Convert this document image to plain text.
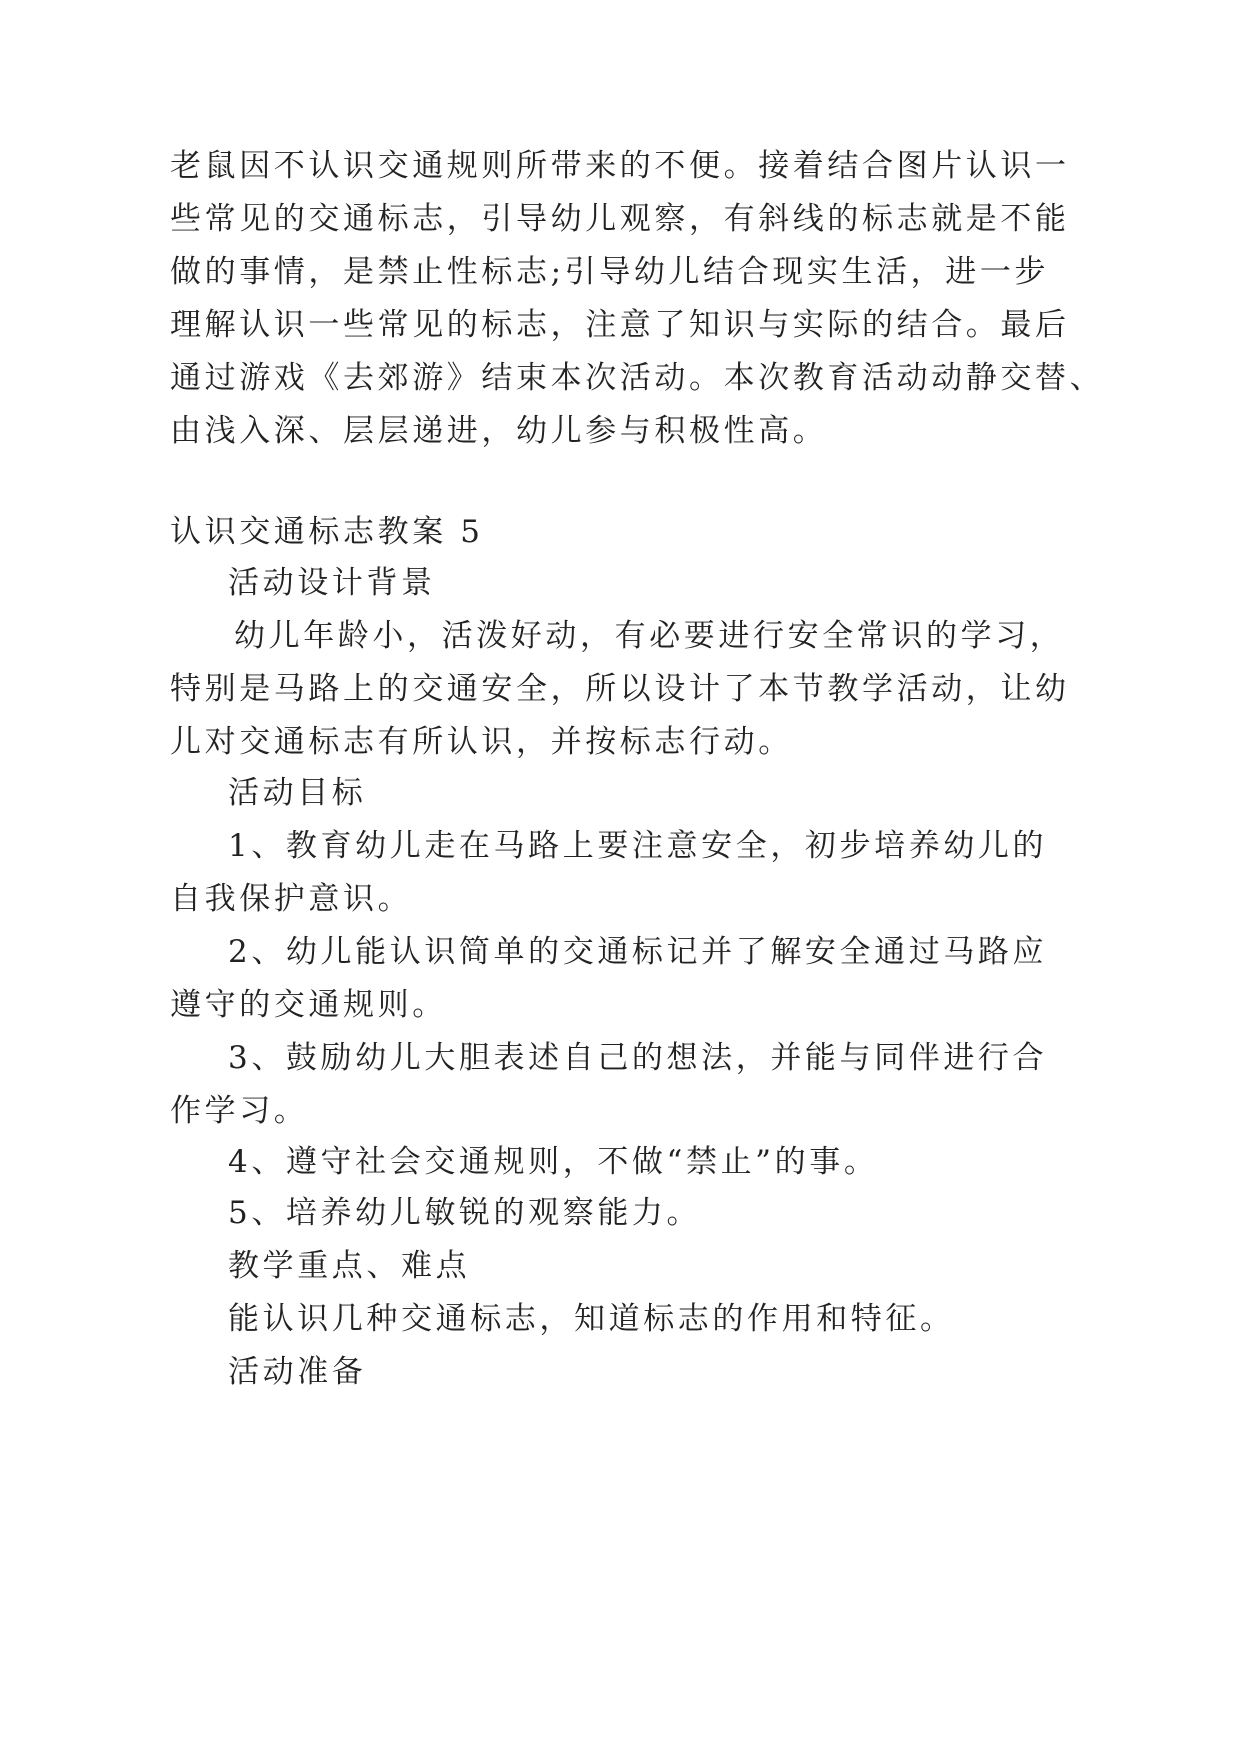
老鼠因不认识交通规则所带来的不便。接着结合图片认识一

些常见的交通标志，引导幼儿观察，有斜线的标志就是不能

做的事情，是禁止性标志;引导幼儿结合现实生活，进一步

理解认识一些常见的标志，注意了知识与实际的结合。最后

通过游戏《去郊游》结束本次活动。本次教育活动动静交替、

由浅入深、层层递进，幼儿参与积极性高。

认识交通标志教案 5

活动设计背景

幼儿年龄小，活泼好动，有必要进行安全常识的学习，

特别是马路上的交通安全，所以设计了本节教学活动，让幼

儿对交通标志有所认识，并按标志行动。

活动目标

1、教育幼儿走在马路上要注意安全，初步培养幼儿的

自我保护意识。

2、幼儿能认识简单的交通标记并了解安全通过马路应

遵守的交通规则。

3、鼓励幼儿大胆表述自己的想法，并能与同伴进行合

作学习。

4、遵守社会交通规则，不做“禁止”的事。

5、培养幼儿敏锐的观察能力。

教学重点、难点

能认识几种交通标志，知道标志的作用和特征。

活动准备
